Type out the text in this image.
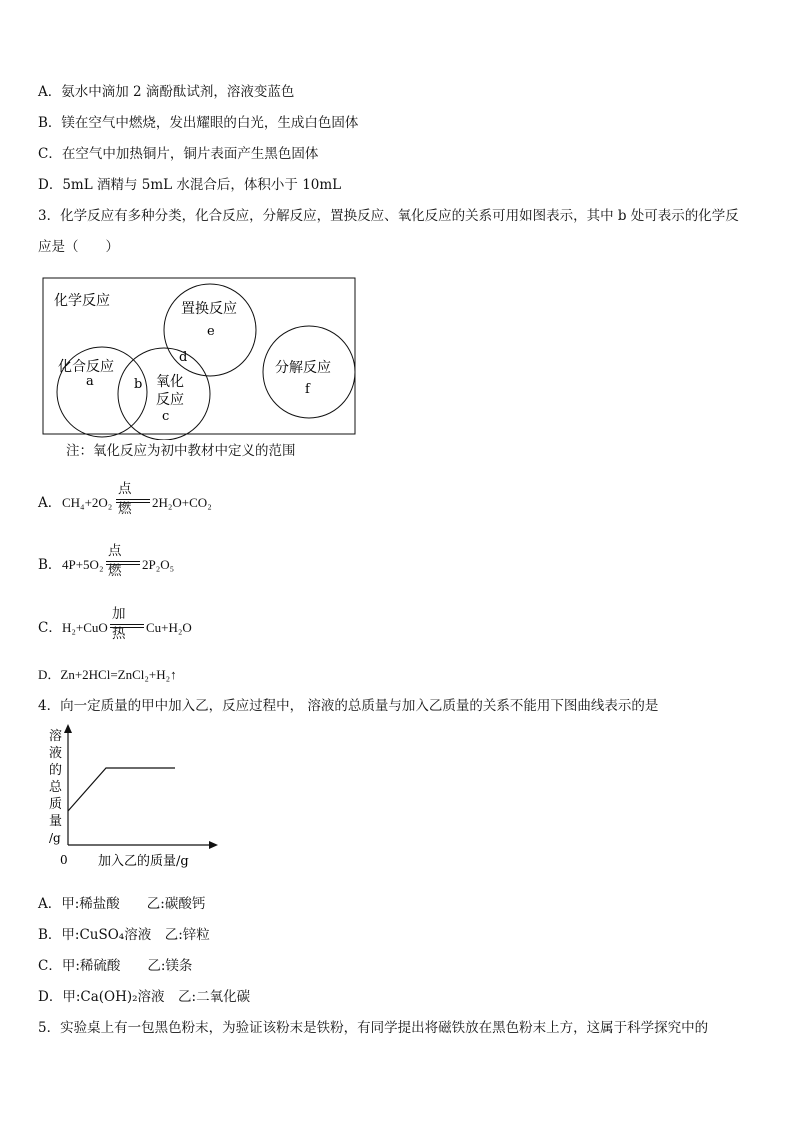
A．氨水中滴加 2 滴酚酞试剂，溶液变蓝色
B．镁在空气中燃烧，发出耀眼的白光，生成白色固体
C．在空气中加热铜片，铜片表面产生黑色固体
D．5mL 酒精与 5mL 水混合后，体积小于 10mL
3．化学反应有多种分类，化合反应，分解反应，置换反应、氧化反应的关系可用如图表示，其中 b 处可表示的化学反
应是（　　）
化学反应
化合反应
a	b 氧化
反应
c
d
置换反应
e
分解反应
f
注：氧化反应为初中教材中定义的范围
A． CH₄+2O₂
点燃 2H₂O+CO₂
B． 4P+5O₂
点燃 2P₂O₅
C． H₂+CuO
加热 Cu+H₂O
D．Zn+2HCl=ZnCl₂+H₂↑
4．向一定质量的甲中加入乙，反应过程中， 溶液的总质量与加入乙质量的关系不能用下图曲线表示的是
溶
液
的
总
质
量
/g
0 加入乙的质量/g
A．甲:稀盐酸　　乙:碳酸钙
B．甲:CuSO₄溶液　乙:锌粒
C．甲:稀硫酸　　乙:镁条
D．甲:Ca(OH)₂溶液　乙:二氧化碳
5．实验桌上有一包黑色粉末，为验证该粉末是铁粉，有同学提出将磁铁放在黑色粉末上方，这属于科学探究中的
